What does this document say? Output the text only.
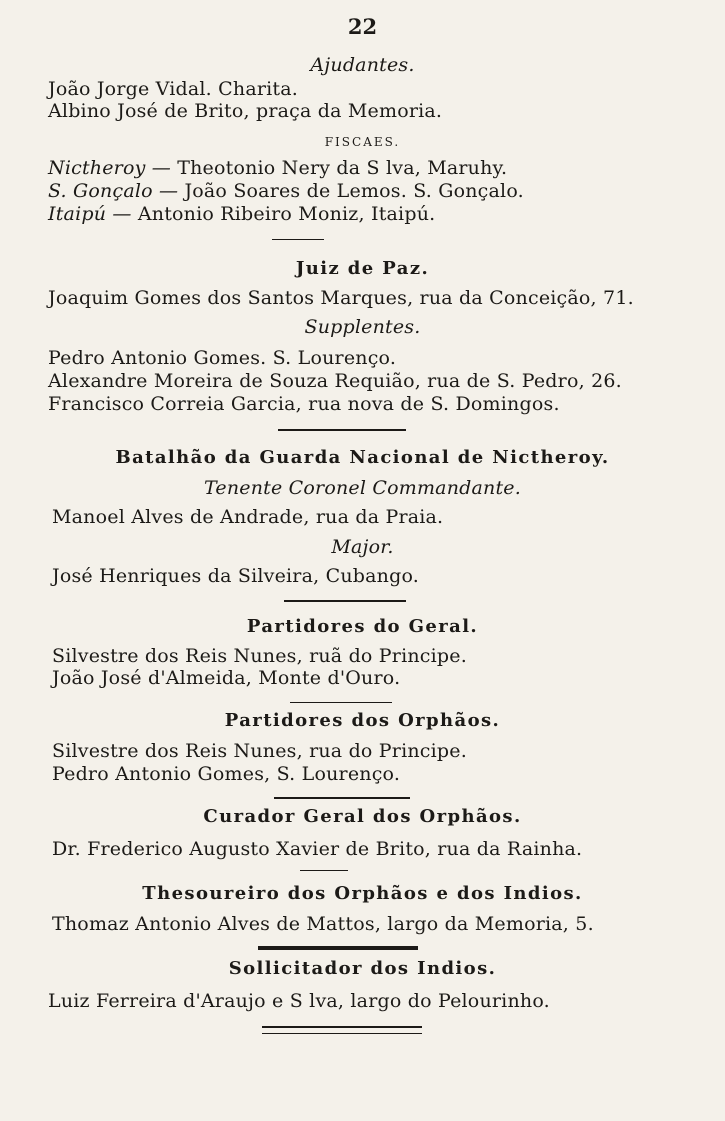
22
Ajudantes.
João Jorge Vidal. Charita.
Albino José de Brito, praça da Memoria.
FISCAES.
Nictheroy — Theotonio Nery da S lva, Maruhy.
S. Gonçalo — João Soares de Lemos. S. Gonçalo.
Itaipú — Antonio Ribeiro Moniz, Itaipú.
Juiz de Paz.
Joaquim Gomes dos Santos Marques, rua da Conceição, 71.
Supplentes.
Pedro Antonio Gomes. S. Lourenço.
Alexandre Moreira de Souza Requião, rua de S. Pedro, 26.
Francisco Correia Garcia, rua nova de S. Domingos.
Batalhão da Guarda Nacional de Nictheroy.
Tenente Coronel Commandante.
Manoel Alves de Andrade, rua da Praia.
Major.
José Henriques da Silveira, Cubango.
Partidores do Geral.
Silvestre dos Reis Nunes, ruã do Principe.
João José d'Almeida, Monte d'Ouro.
Partidores dos Orphãos.
Silvestre dos Reis Nunes, rua do Principe.
Pedro Antonio Gomes, S. Lourenço.
Curador Geral dos Orphãos.
Dr. Frederico Augusto Xavier de Brito, rua da Rainha.
Thesoureiro dos Orphãos e dos Indios.
Thomaz Antonio Alves de Mattos, largo da Memoria, 5.
Sollicitador dos Indios.
Luiz Ferreira d'Araujo e S lva, largo do Pelourinho.
